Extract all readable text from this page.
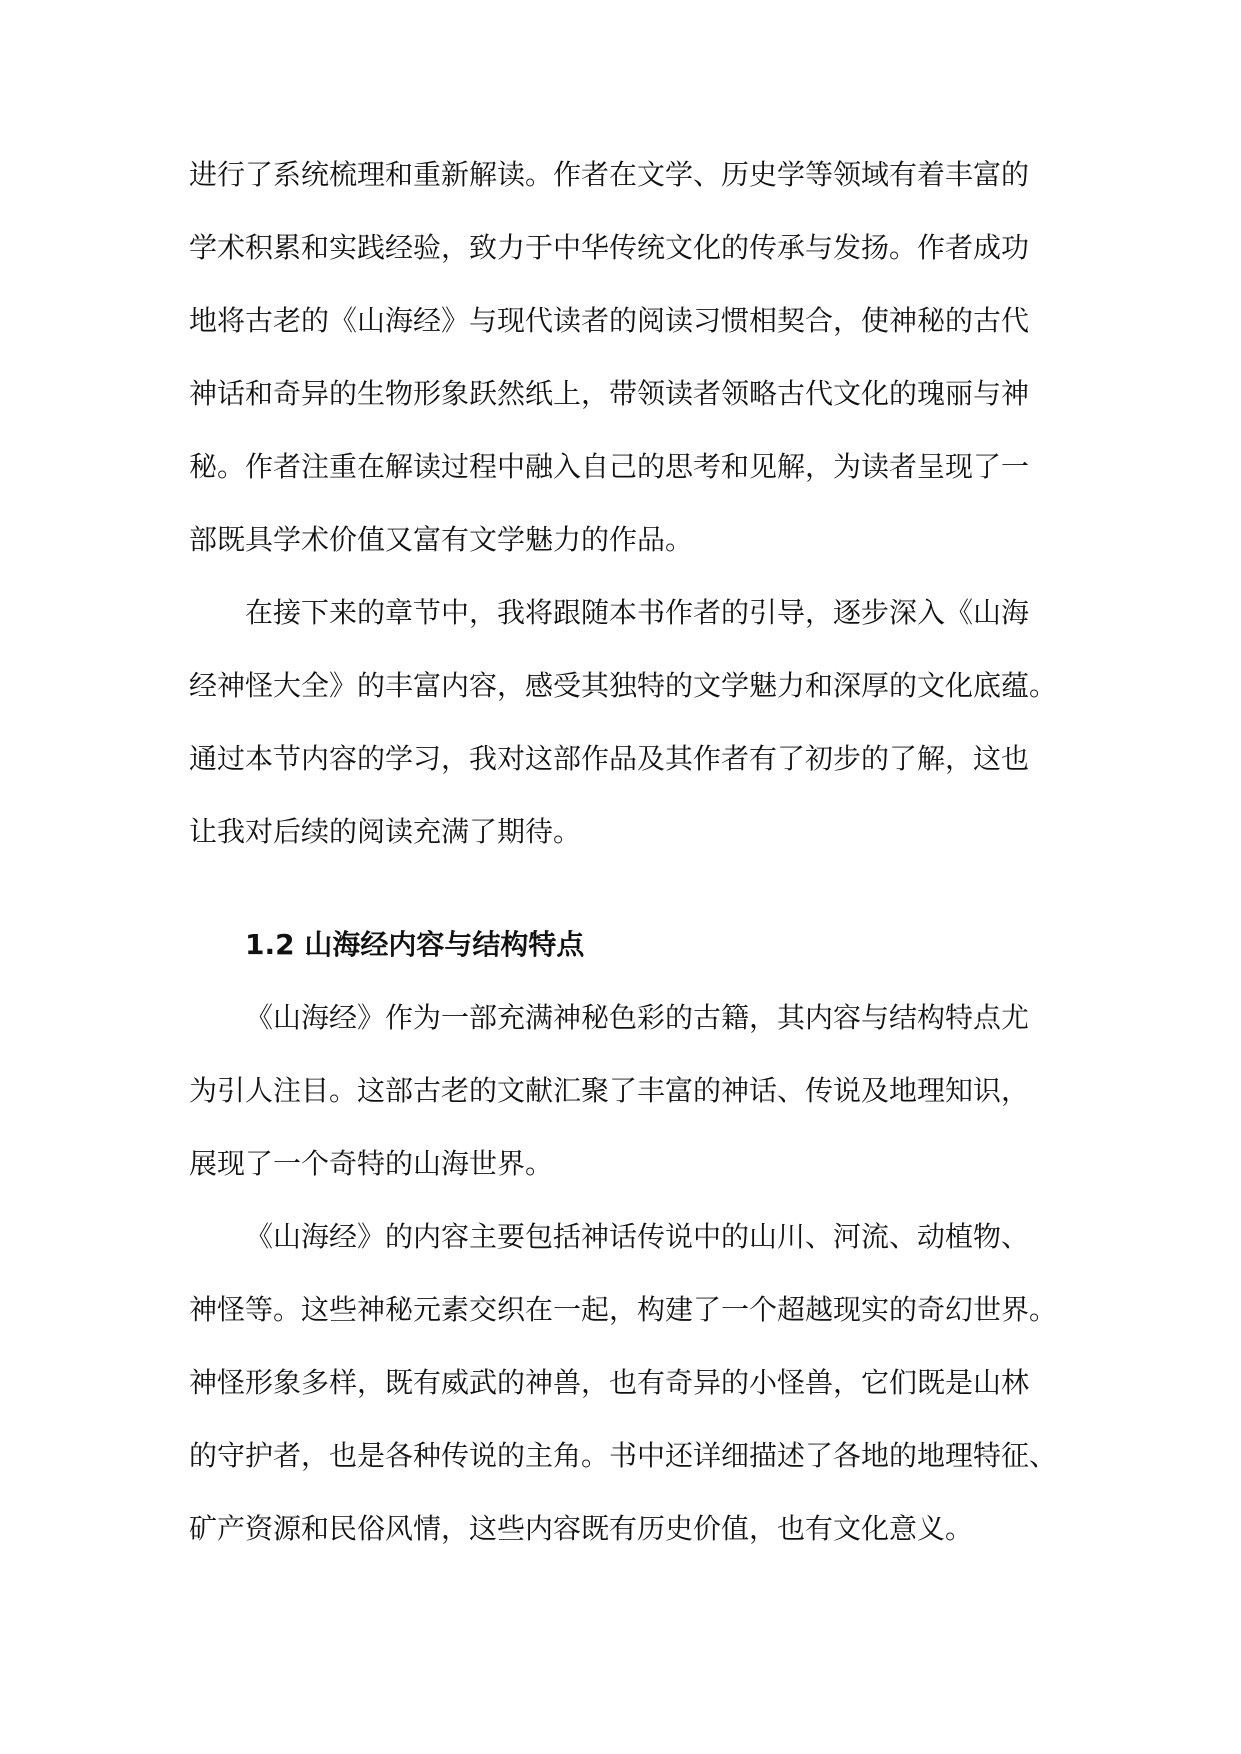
进行了系统梳理和重新解读。作者在文学、历史学等领域有着丰富的
学术积累和实践经验，致力于中华传统文化的传承与发扬。作者成功
地将古老的《山海经》与现代读者的阅读习惯相契合，使神秘的古代
神话和奇异的生物形象跃然纸上，带领读者领略古代文化的瑰丽与神
秘。作者注重在解读过程中融入自己的思考和见解，为读者呈现了一
部既具学术价值又富有文学魅力的作品。
在接下来的章节中，我将跟随本书作者的引导，逐步深入《山海
经神怪大全》的丰富内容，感受其独特的文学魅力和深厚的文化底蕴。
通过本节内容的学习，我对这部作品及其作者有了初步的了解，这也
让我对后续的阅读充满了期待。
1.2 山海经内容与结构特点
《山海经》作为一部充满神秘色彩的古籍，其内容与结构特点尤
为引人注目。这部古老的文献汇聚了丰富的神话、传说及地理知识，
展现了一个奇特的山海世界。
《山海经》的内容主要包括神话传说中的山川、河流、动植物、
神怪等。这些神秘元素交织在一起，构建了一个超越现实的奇幻世界。
神怪形象多样，既有威武的神兽，也有奇异的小怪兽，它们既是山林
的守护者，也是各种传说的主角。书中还详细描述了各地的地理特征、
矿产资源和民俗风情，这些内容既有历史价值，也有文化意义。
